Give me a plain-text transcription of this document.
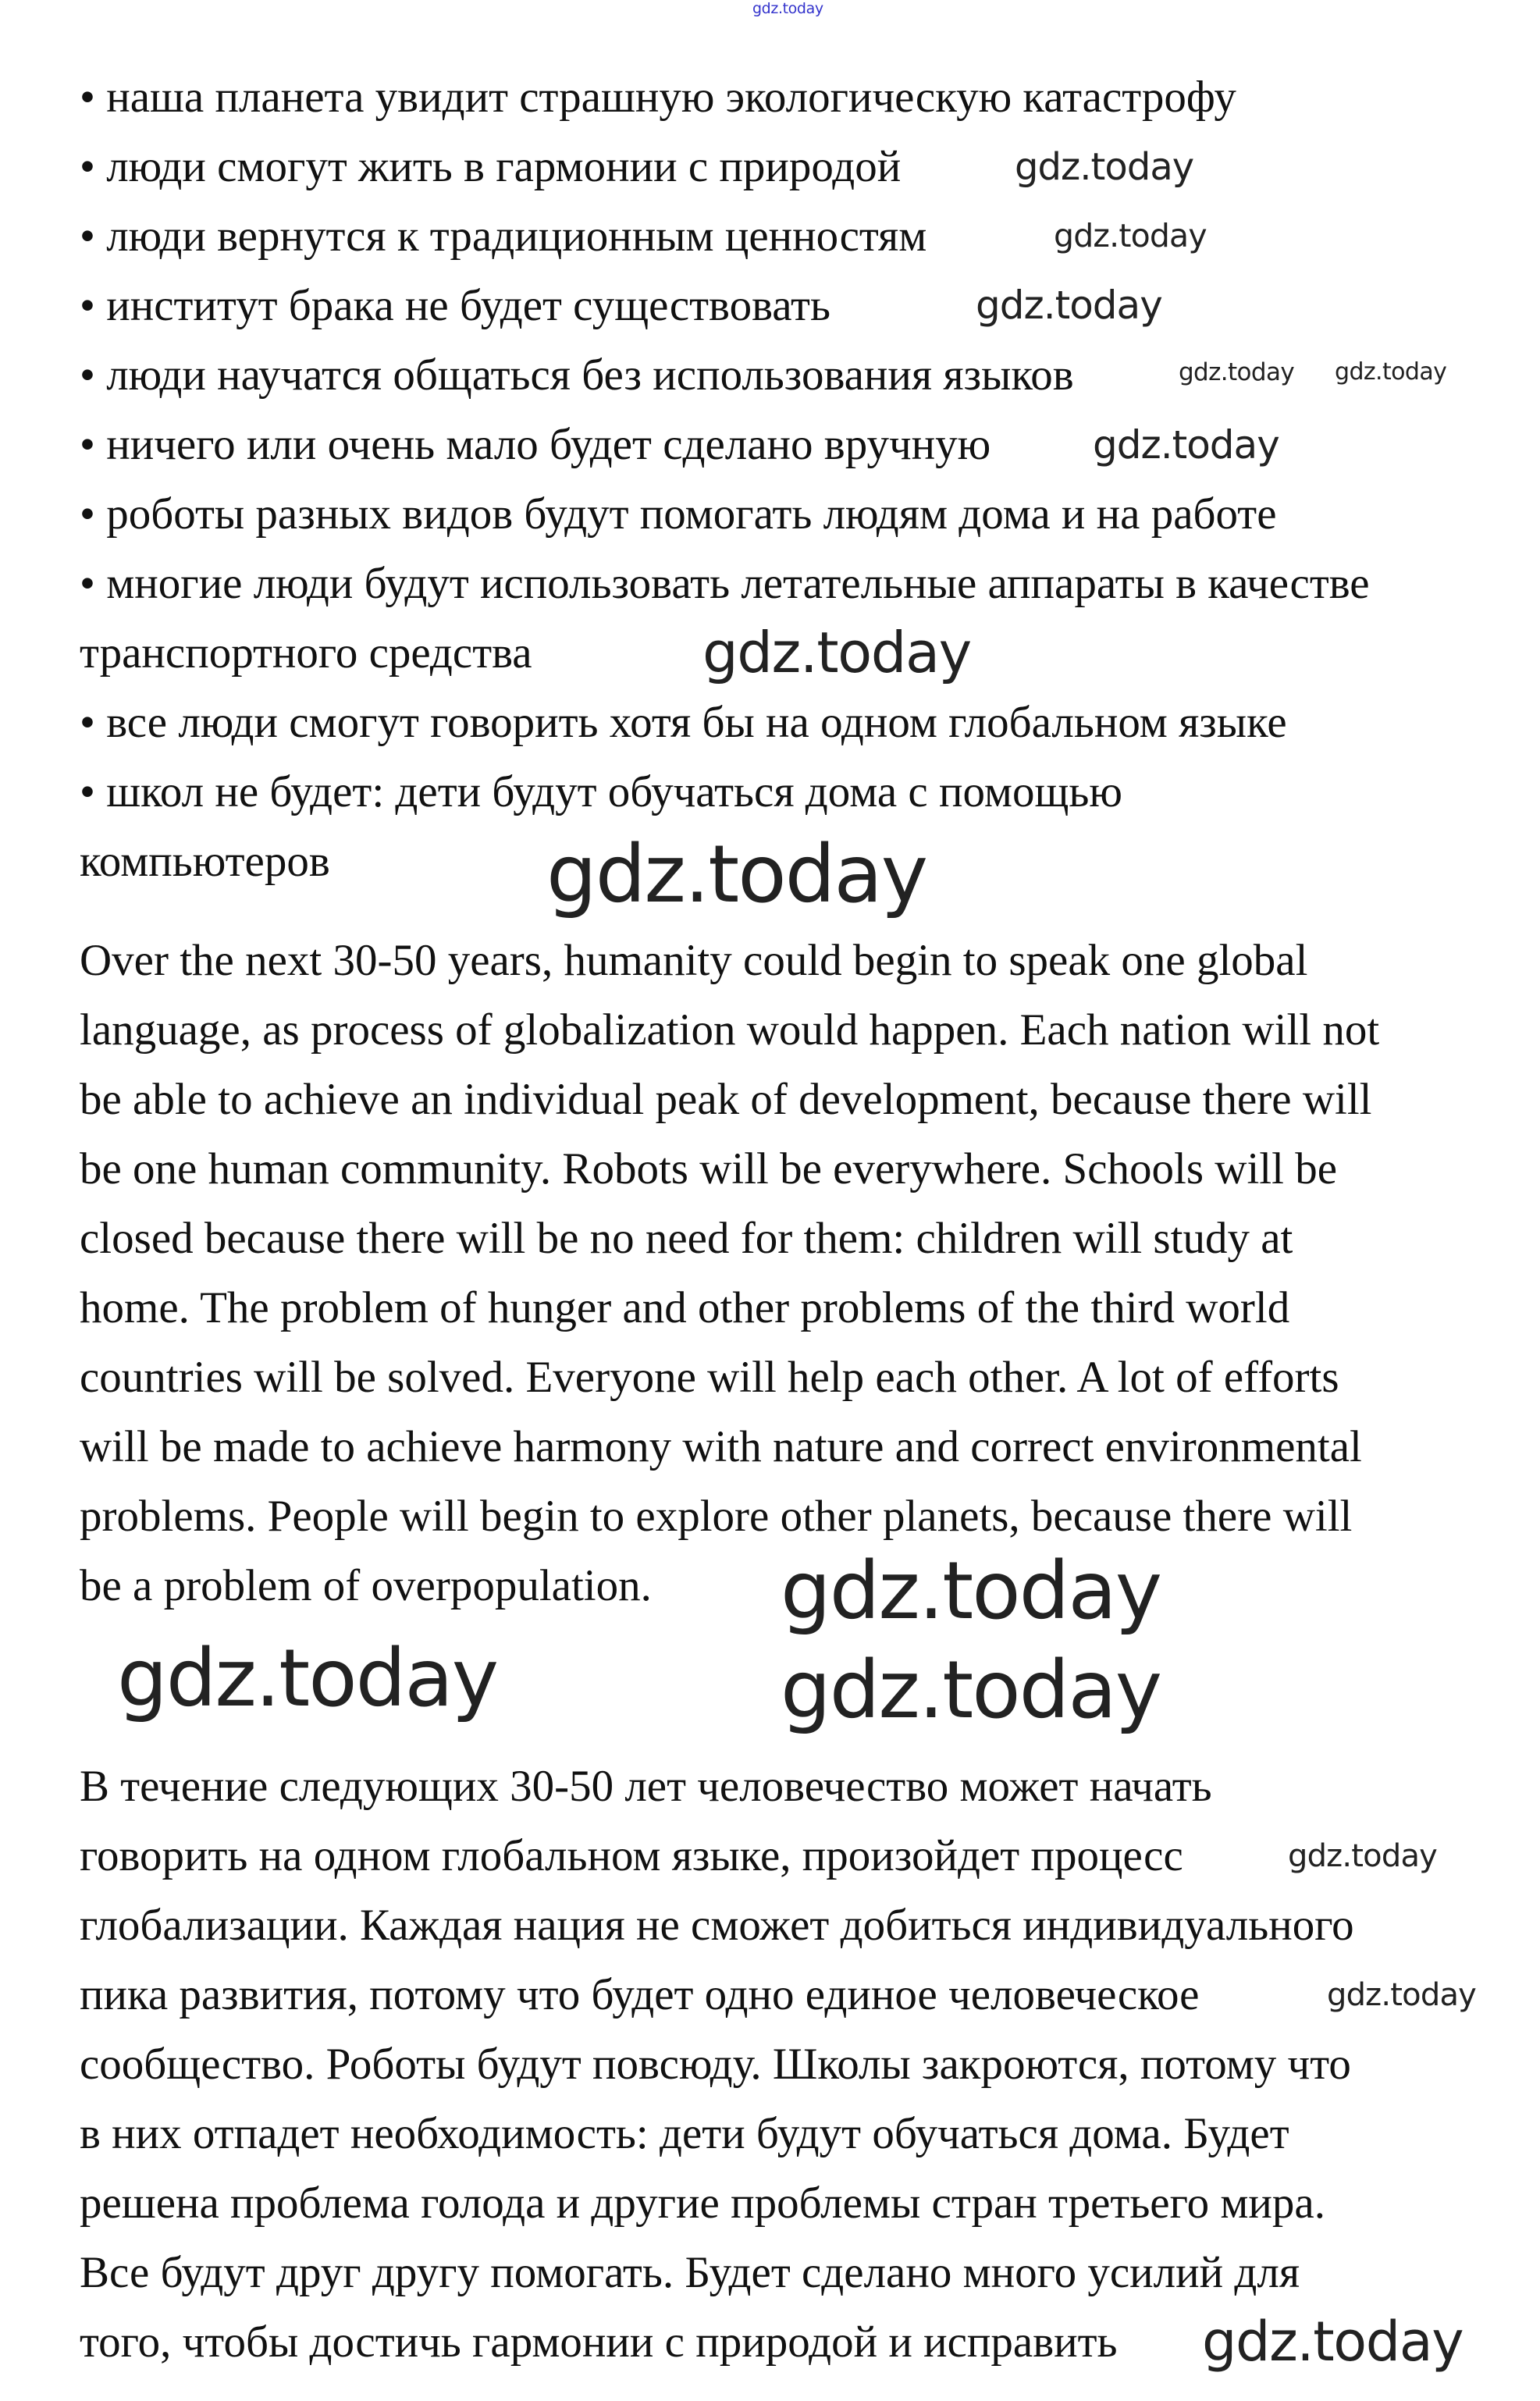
gdz.today
• наша планета увидит страшную экологическую катастрофу
• люди смогут жить в гармонии с природой
• люди вернутся к традиционным ценностям
• институт брака не будет существовать
• люди научатся общаться без использования языков
• ничего или очень мало будет сделано вручную
• роботы разных видов будут помогать людям дома и на работе
• многие люди будут использовать летательные аппараты в качестве
транспортного средства
• все люди смогут говорить хотя бы на одном глобальном языке
• школ не будет: дети будут обучаться дома с помощью
компьютеров
Over the next 30-50 years, humanity could begin to speak one global
language, as process of globalization would happen. Each nation will not
be able to achieve an individual peak of development, because there will
be one human community. Robots will be everywhere. Schools will be
closed because there will be no need for them: children will study at
home. The problem of hunger and other problems of the third world
countries will be solved. Everyone will help each other. A lot of efforts
will be made to achieve harmony with nature and correct environmental
problems. People will begin to explore other planets, because there will
be a problem of overpopulation.
В течение следующих 30-50 лет человечество может начать
говорить на одном глобальном языке, произойдет процесс
глобализации. Каждая нация не сможет добиться индивидуального
пика развития, потому что будет одно единое человеческое
сообщество. Роботы будут повсюду. Школы закроются, потому что
в них отпадет необходимость: дети будут обучаться дома. Будет
решена проблема голода и другие проблемы стран третьего мира.
Все будут друг другу помогать. Будет сделано много усилий для
того, чтобы достичь гармонии с природой и исправить
gdz.today
gdz.today
gdz.today
gdz.today
gdz.today
gdz.today
gdz.today
gdz.today
gdz.today gdz.today
gdz.today
gdz.today
gdz.today
gdz.today
